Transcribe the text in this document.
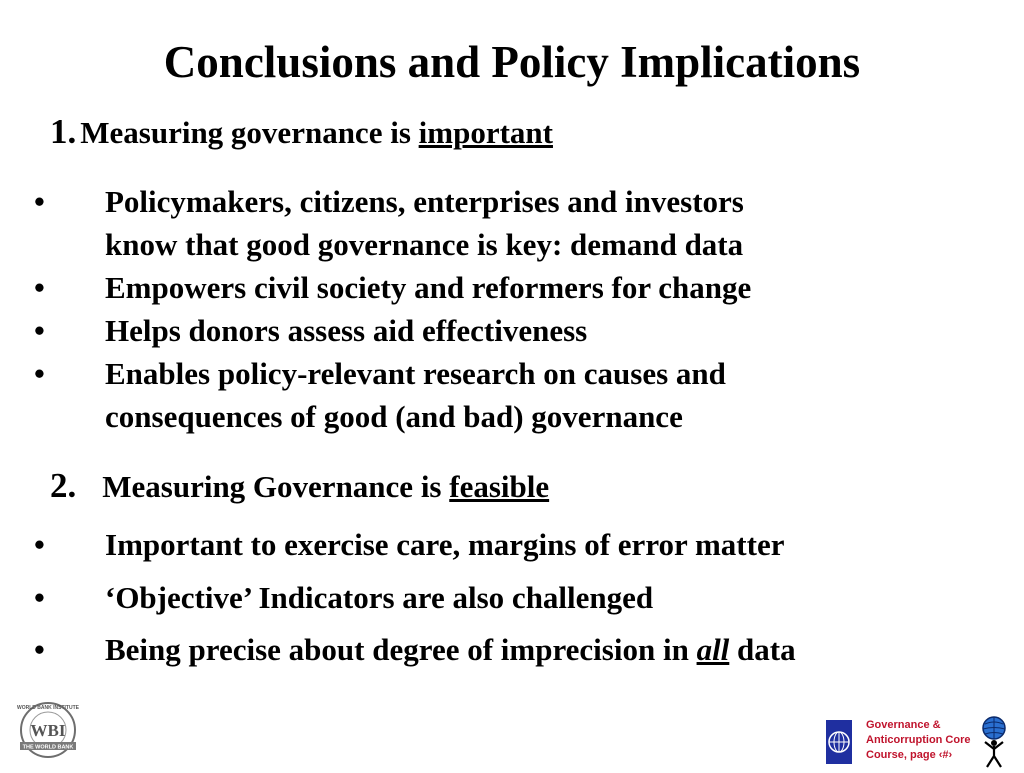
Conclusions and Policy Implications
1. Measuring governance is important
•	Policymakers, citizens, enterprises and investors
know that good governance is key: demand data
•	Empowers civil society and reformers for change
•	Helps donors assess aid effectiveness
•	Enables policy-relevant research on causes and
consequences of good (and bad) governance
2. Measuring Governance is feasible
•	Important to exercise care, margins of error matter
•	‘Objective’ Indicators are also challenged
•	Being precise about degree of imprecision in all data
WBI
THE WORLD BANK
WORLD BANK INSTITUTE
Governance &
Anticorruption Core
Course, page ‹#›
